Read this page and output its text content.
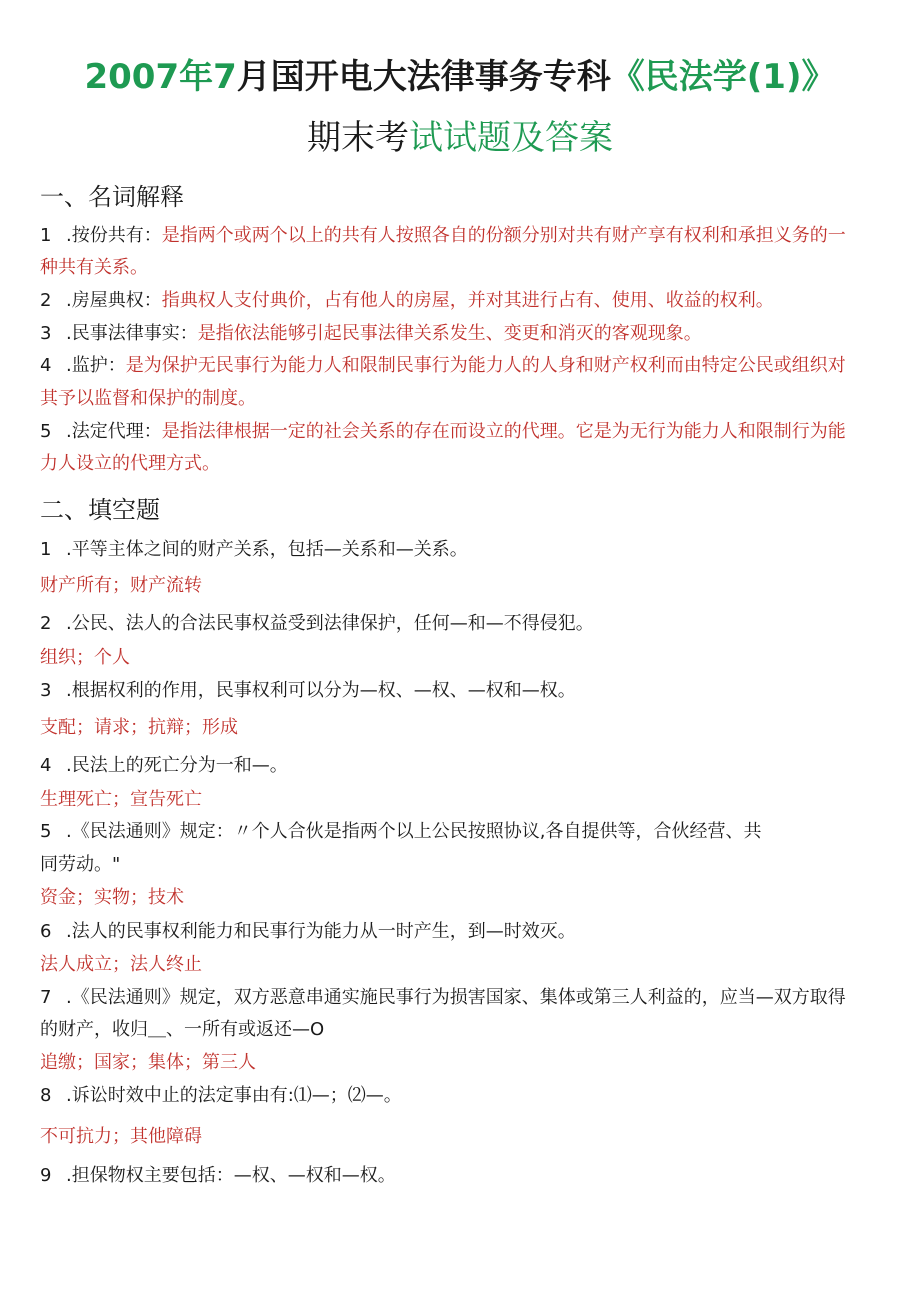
2007年7月国开电大法律事务专科《民法学(1)》
期末考试试题及答案
一、名词解释
1 .按份共有：是指两个或两个以上的共有人按照各自的份额分别对共有财产享有权利和承担义务的一
种共有关系。
2 .房屋典权：指典权人支付典价，占有他人的房屋，并对其进行占有、使用、收益的权利。
3 .民事法律事实：是指依法能够引起民事法律关系发生、变更和消灭的客观现象。
4 .监护：是为保护无民事行为能力人和限制民事行为能力人的人身和财产权利而由特定公民或组织对
其予以监督和保护的制度。
5 .法定代理：是指法律根据一定的社会关系的存在而设立的代理。它是为无行为能力人和限制行为能
力人设立的代理方式。
二、填空题
1 .平等主体之间的财产关系，包括—关系和—关系。
财产所有；财产流转
2 .公民、法人的合法民事权益受到法律保护，任何—和—不得侵犯。
组织；个人
3 .根据权利的作用，民事权利可以分为—权、—权、—权和—权。
支配；请求；抗辩；形成
4 .民法上的死亡分为一和—。
生理死亡；宣告死亡
5 .《民法通则》规定：〃个人合伙是指两个以上公民按照协议,各自提供等，合伙经营、共
同劳动。"
资金；实物；技术
6 .法人的民事权利能力和民事行为能力从一时产生，到—时效灭。
法人成立；法人终止
7 .《民法通则》规定，双方恶意串通实施民事行为损害国家、集体或第三人利益的，应当—双方取得
的财产，收归＿、一所有或返还—O
追缴；国家；集体；第三人
8 .诉讼时效中止的法定事由有:⑴—；⑵—。
不可抗力；其他障碍
9 .担保物权主要包括：—权、—权和—权。
